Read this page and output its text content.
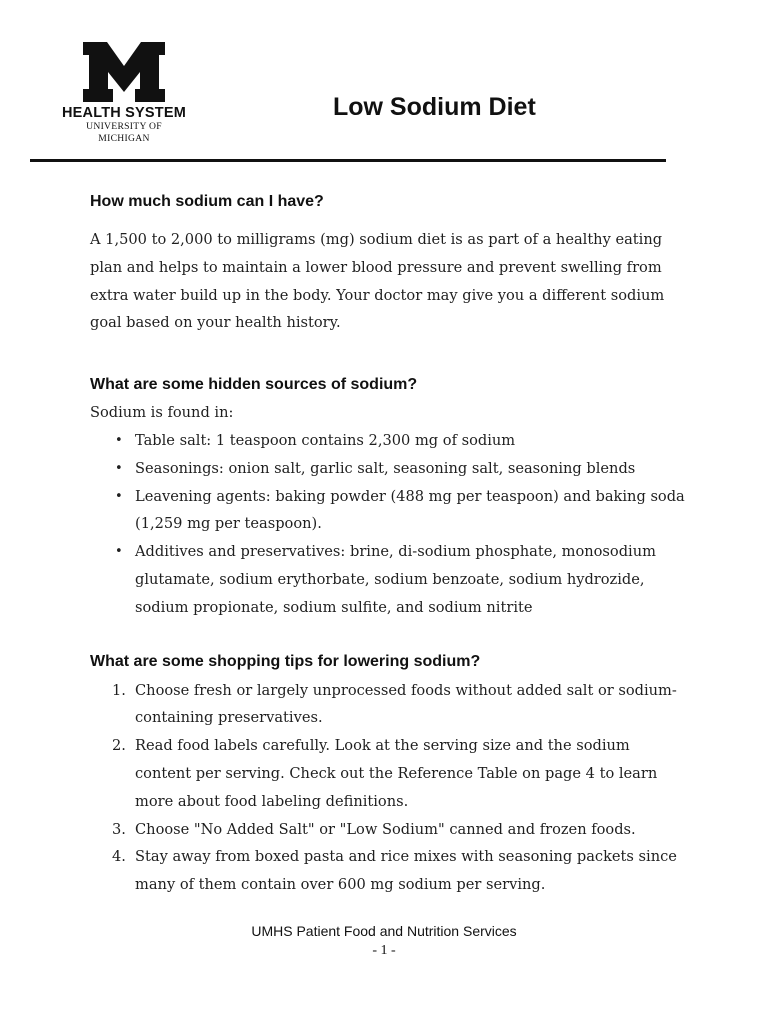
HEALTH SYSTEM
UNIVERSITY OF MICHIGAN
Low Sodium Diet
How much sodium can I have?

A 1,500 to 2,000 to milligrams (mg) sodium diet is as part of a healthy eating plan and helps to maintain a lower blood pressure and prevent swelling from extra water build up in the body. Your doctor may give you a different sodium goal based on your health history.

What are some hidden sources of sodium?

Sodium is found in:

• Table salt: 1 teaspoon contains 2,300 mg of sodium
• Seasonings: onion salt, garlic salt, seasoning salt, seasoning blends
• Leavening agents: baking powder (488 mg per teaspoon) and baking soda (1,259 mg per teaspoon).
• Additives and preservatives: brine, di-sodium phosphate, monosodium glutamate, sodium erythorbate, sodium benzoate, sodium hydrozide, sodium propionate, sodium sulfite, and sodium nitrite
What are some shopping tips for lowering sodium?
1. Choose fresh or largely unprocessed foods without added salt or sodium-containing preservatives.
2. Read food labels carefully. Look at the serving size and the sodium content per serving. Check out the Reference Table on page 4 to learn more about food labeling definitions.
3. Choose "No Added Salt" or "Low Sodium" canned and frozen foods.
4. Stay away from boxed pasta and rice mixes with seasoning packets since many of them contain over 600 mg sodium per serving.
UMHS Patient Food and Nutrition Services
- 1 -
